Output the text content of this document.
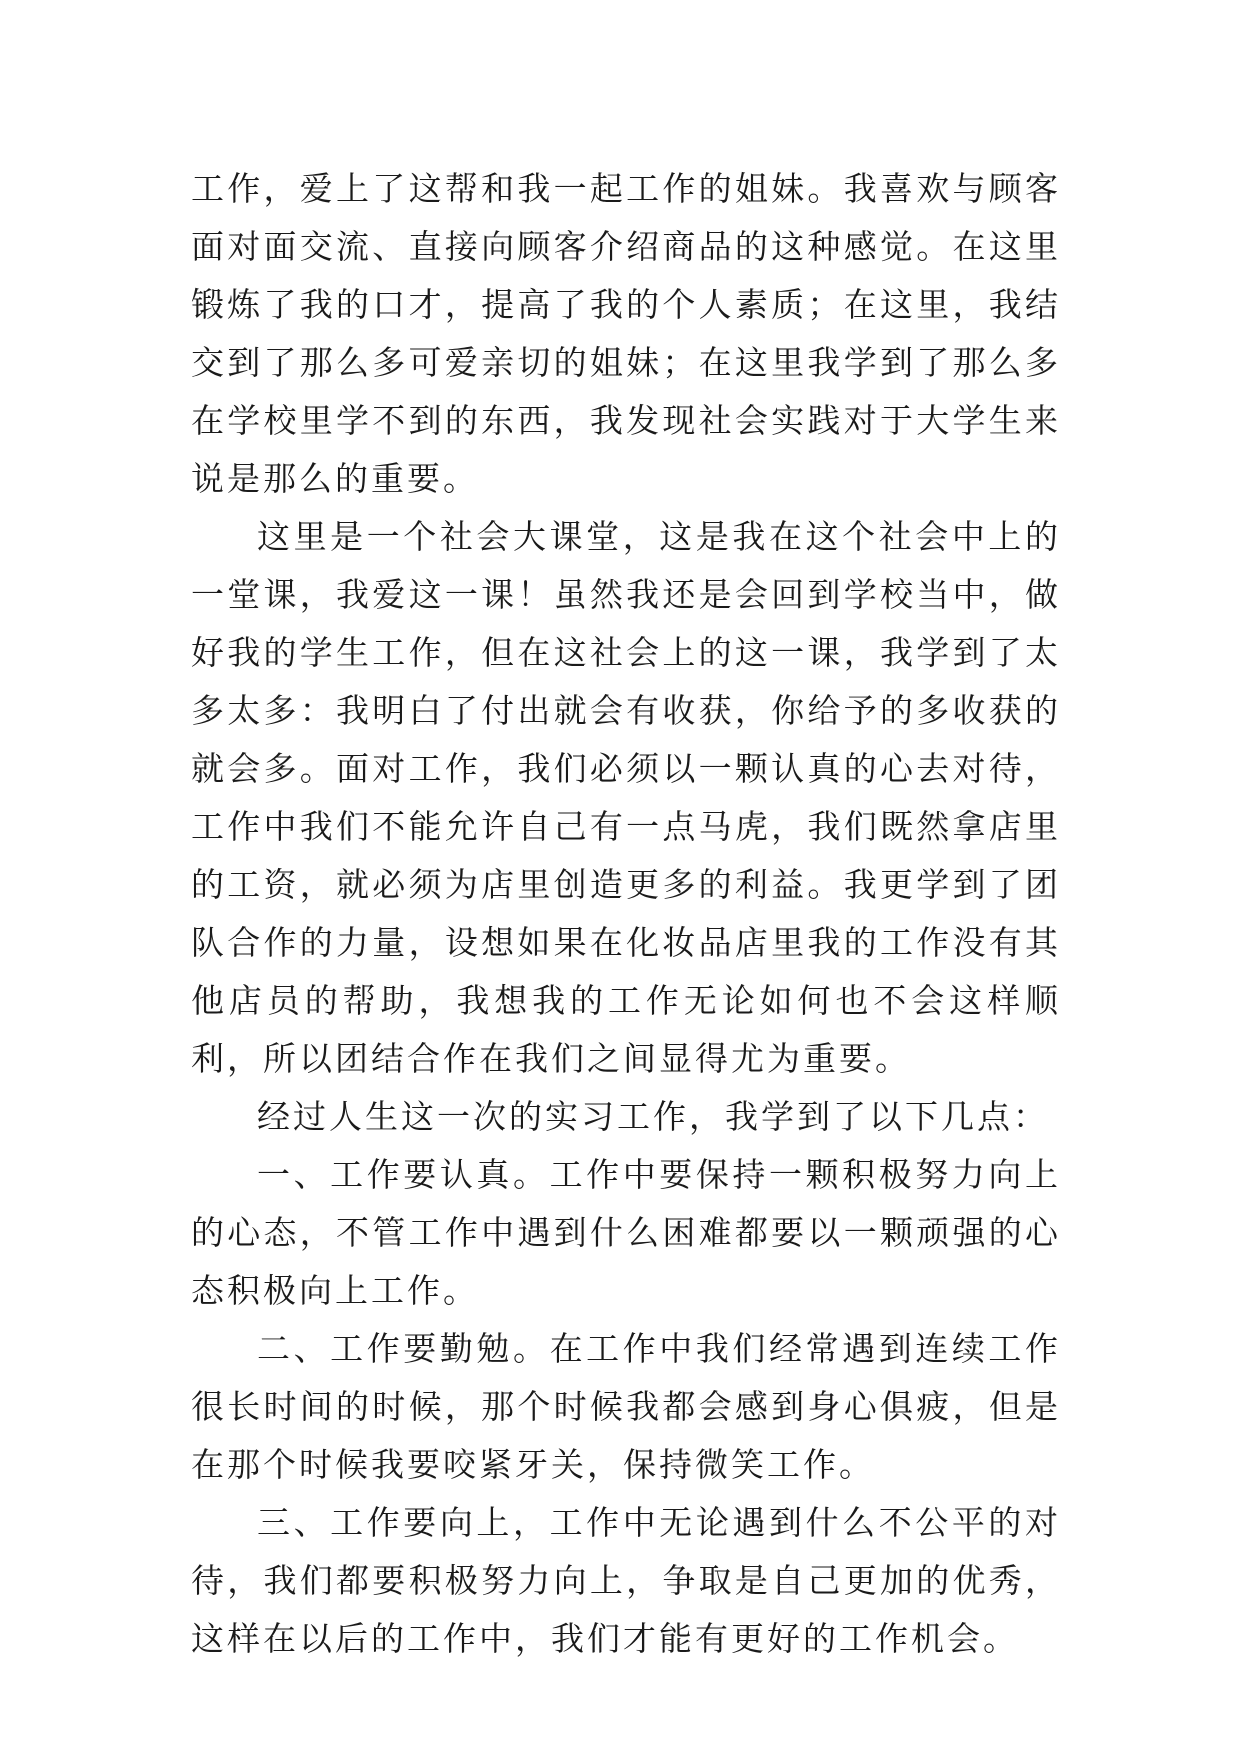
工作，爱上了这帮和我一起工作的姐妹。我喜欢与顾客面对面交流、直接向顾客介绍商品的这种感觉。在这里锻炼了我的口才，提高了我的个人素质；在这里，我结交到了那么多可爱亲切的姐妹；在这里我学到了那么多在学校里学不到的东西，我发现社会实践对于大学生来说是那么的重要。

这里是一个社会大课堂，这是我在这个社会中上的一堂课，我爱这一课！虽然我还是会回到学校当中，做好我的学生工作，但在这社会上的这一课，我学到了太多太多：我明白了付出就会有收获，你给予的多收获的就会多。面对工作，我们必须以一颗认真的心去对待，工作中我们不能允许自己有一点马虎，我们既然拿店里的工资，就必须为店里创造更多的利益。我更学到了团队合作的力量，设想如果在化妆品店里我的工作没有其他店员的帮助，我想我的工作无论如何也不会这样顺利，所以团结合作在我们之间显得尤为重要。

经过人生这一次的实习工作，我学到了以下几点：

一、工作要认真。工作中要保持一颗积极努力向上的心态，不管工作中遇到什么困难都要以一颗顽强的心态积极向上工作。

二、工作要勤勉。在工作中我们经常遇到连续工作很长时间的时候，那个时候我都会感到身心俱疲，但是在那个时候我要咬紧牙关，保持微笑工作。

三、工作要向上，工作中无论遇到什么不公平的对待，我们都要积极努力向上，争取是自己更加的优秀，这样在以后的工作中，我们才能有更好的工作机会。
